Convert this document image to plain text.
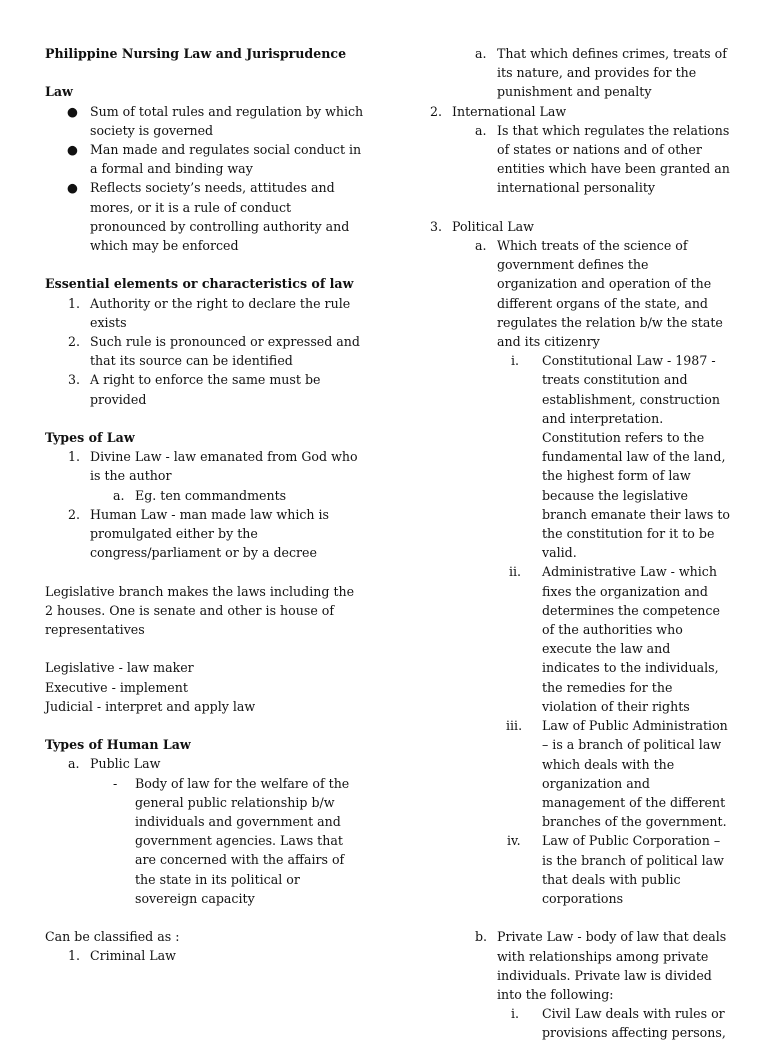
Philippine Nursing Law and Jurisprudence
Law
● Sum of total rules and regulation by which society is governed
● Man made and regulates social conduct in a formal and binding way
● Reflects society’s needs, attitudes and mores, or it is a rule of conduct pronounced by controlling authority and which may be enforced
Essential elements or characteristics of law
1. Authority or the right to declare the rule exists
2. Such rule is pronounced or expressed and that its source can be identified
3. A right to enforce the same must be provided
Types of Law
1. Divine Law - law emanated from God who is the author
a. Eg. ten commandments
2. Human Law - man made law which is promulgated either by the congress/parliament or by a decree
Legislative branch makes the laws including the 2 houses. One is senate and other is house of representatives
Legislative - law maker
Executive - implement
Judicial - interpret and apply law
Types of Human Law
a. Public Law
- Body of law for the welfare of the general public relationship b/w individuals and government and government agencies. Laws that are concerned with the affairs of the state in its political or sovereign capacity
Can be classified as :
1. Criminal Law
a. That which defines crimes, treats of its nature, and provides for the punishment and penalty
2. International Law
a. Is that which regulates the relations of states or nations and of other entities which have been granted an international personality
3. Political Law
a. Which treats of the science of government defines the organization and operation of the different organs of the state, and regulates the relation b/w the state and its citizenry
i. Constitutional Law - 1987 - treats constitution and establishment, construction and interpretation. Constitution refers to the fundamental law of the land, the highest form of law because the legislative branch emanate their laws to the constitution for it to be valid.
ii. Administrative Law - which fixes the organization and determines the competence of the authorities who execute the law and indicates to the individuals, the remedies for the violation of their rights
iii. Law of Public Administration – is a branch of political law which deals with the organization and management of the different branches of the government.
iv. Law of Public Corporation – is the branch of political law that deals with public corporations
b. Private Law - body of law that deals with relationships among private individuals. Private law is divided into the following:
i. Civil Law deals with rules or provisions affecting persons,
